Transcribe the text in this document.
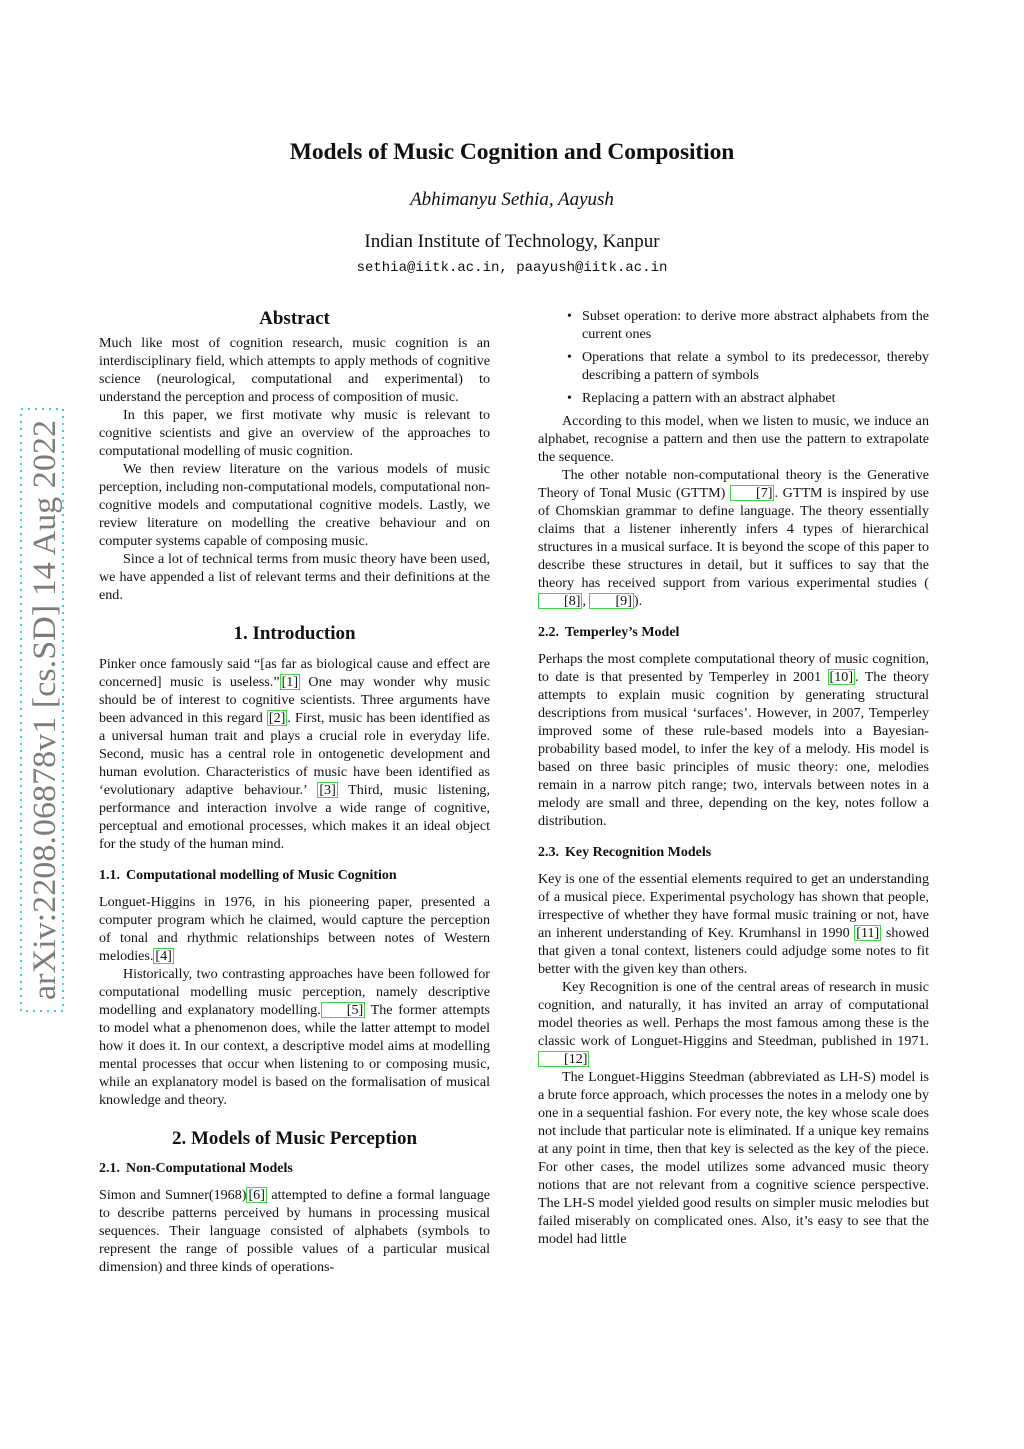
arXiv:2208.06878v1 [cs.SD] 14 Aug 2022
Models of Music Cognition and Composition
Abhimanyu Sethia, Aayush
Indian Institute of Technology, Kanpur
sethia@iitk.ac.in, paayush@iitk.ac.in
Abstract

Much like most of cognition research, music cognition is an interdisciplinary field, which attempts to apply methods of cognitive science (neurological, computational and experimental) to understand the perception and process of composition of music.

In this paper, we first motivate why music is relevant to cognitive scientists and give an overview of the approaches to computational modelling of music cognition.

We then review literature on the various models of music perception, including non-computational models, computational non-cognitive models and computational cognitive models. Lastly, we review literature on modelling the creative behaviour and on computer systems capable of composing music.

Since a lot of technical terms from music theory have been used, we have appended a list of relevant terms and their definitions at the end.

1. Introduction

Pinker once famously said “[as far as biological cause and effect are concerned] music is useless.” [1] One may wonder why music should be of interest to cognitive scientists. Three arguments have been advanced in this regard [2] . First, music has been identified as a universal human trait and plays a crucial role in everyday life. Second, music has a central role in ontogenetic development and human evolution. Characteristics of music have been identified as ‘evolutionary adaptive behaviour.’ [3] Third, music listening, performance and interaction involve a wide range of cognitive, perceptual and emotional processes, which makes it an ideal object for the study of the human mind.

1.1. Computational modelling of Music Cognition

Longuet-Higgins in 1976, in his pioneering paper, presented a computer program which he claimed, would capture the perception of tonal and rhythmic relationships between notes of Western melodies. [4]

Historically, two contrasting approaches have been followed for computational modelling music perception, namely descriptive modelling and explanatory modelling. [5] The former attempts to model what a phenomenon does, while the latter attempt to model how it does it. In our context, a descriptive model aims at modelling mental processes that occur when listening to or composing music, while an explanatory model is based on the formalisation of musical knowledge and theory.

2. Models of Music Perception
2.1. Non-Computational Models

Simon and Sumner(1968) [6] attempted to define a formal language to describe patterns perceived by humans in processing musical sequences. Their language consisted of alphabets (symbols to represent the range of possible values of a particular musical dimension) and three kinds of operations-

• Subset operation: to derive more abstract alphabets from the current ones
• Operations that relate a symbol to its predecessor, thereby describing a pattern of symbols
• Replacing a pattern with an abstract alphabet

According to this model, when we listen to music, we induce an alphabet, recognise a pattern and then use the pattern to extrapolate the sequence.

The other notable non-computational theory is the Generative Theory of Tonal Music (GTTM) [7] . GTTM is inspired by use of Chomskian grammar to define language. The theory essentially claims that a listener inherently infers 4 types of hierarchical structures in a musical surface. It is beyond the scope of this paper to describe these structures in detail, but it suffices to say that the theory has received support from various experimental studies ([8] , [9] ).

2.2. Temperley’s Model

Perhaps the most complete computational theory of music cognition, to date is that presented by Temperley in 2001 [10] . The theory attempts to explain music cognition by generating structural descriptions from musical ‘surfaces’. However, in 2007, Temperley improved some of these rule-based models into a Bayesian-probability based model, to infer the key of a melody. His model is based on three basic principles of music theory: one, melodies remain in a narrow pitch range; two, intervals between notes in a melody are small and three, depending on the key, notes follow a distribution.

2.3. Key Recognition Models

Key is one of the essential elements required to get an understanding of a musical piece. Experimental psychology has shown that people, irrespective of whether they have formal music training or not, have an inherent understanding of Key. Krumhansl in 1990 [11] showed that given a tonal context, listeners could adjudge some notes to fit better with the given key than others.

Key Recognition is one of the central areas of research in music cognition, and naturally, it has invited an array of computational model theories as well. Perhaps the most famous among these is the classic work of Longuet-Higgins and Steedman, published in 1971.[12]

The Longuet-Higgins Steedman (abbreviated as LH-S) model is a brute force approach, which processes the notes in a melody one by one in a sequential fashion. For every note, the key whose scale does not include that particular note is eliminated. If a unique key remains at any point in time, then that key is selected as the key of the piece. For other cases, the model utilizes some advanced music theory notions that are not relevant from a cognitive science perspective. The LH-S model yielded good results on simpler music melodies but failed miserably on complicated ones. Also, it’s easy to see that the model had little
